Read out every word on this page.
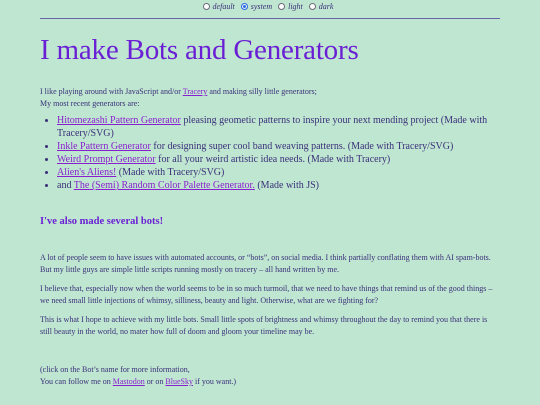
default system light dark
I make Bots and Generators

I like playing around with JavaScript and/or Tracery and making silly little generators;
My most recent generators are:

• Hitomezashi Pattern Generator pleasing geometic patterns to inspire your next mending project (Made with Tracery/SVG)
• Inkle Pattern Generator for designing super cool band weaving patterns. (Made with Tracery/SVG)
• Weird Prompt Generator for all your weird artistic idea needs. (Made with Tracery)
• Alien's Aliens! (Made with Tracery/SVG)
• and The (Semi) Random Color Palette Generator. (Made with JS)
I've also made several bots!

A lot of people seem to have issues with automated accounts, or “bots”, on social media. I think partially conflating them with AI spam-bots. But my little guys are simple little scripts running mostly on tracery – all hand written by me.

I believe that, especially now when the world seems to be in so much turmoil, that we need to have things that remind us of the good things – we need small little injections of whimsy, silliness, beauty and light. Otherwise, what are we fighting for?

This is what I hope to achieve with my little bots. Small little spots of brightness and whimsy throughout the day to remind you that there is still beauty in the world, no mater how full of doom and gloom your timeline may be.

(click on the Bot’s name for more information,
You can follow me on Mastodon or on BlueSky if you want.)
